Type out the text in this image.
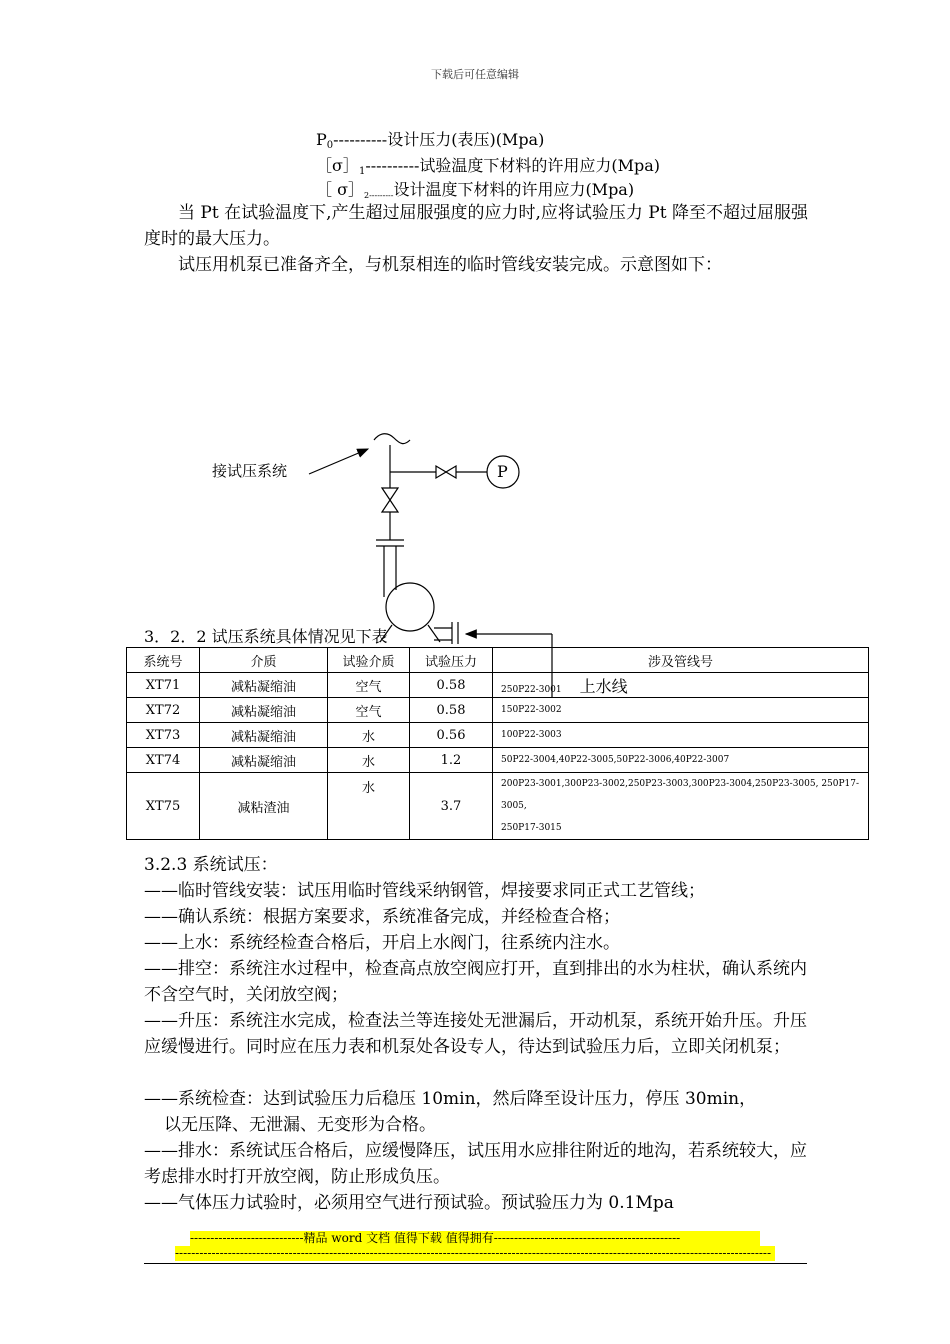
下载后可任意编辑
$P_0----------$设计压力(表压)(Mpa)
$[\sigma]_1----------$试验温度下材料的许用应力(Mpa)
［ $\sigma]_{2---------}$设计温度下材料的许用应力(Mpa)
当 Pt 在试验温度下,产生超过屈服强度的应力时,应将试验压力 Pt 降至不超过屈服强度时的最大压力。
试压用机泵已准备齐全，与机泵相连的临时管线安装完成。示意图如下：
接试压系统	P
3．2．2 试压系统具体情况见下表
系统号	介质	试验介质	试验压力	涉及管线号
XT71	减粘凝缩油	空气	0.58	250P22-3001 上水线
XT72	减粘凝缩油	空气	0.58	150P22-3002
XT73	减粘凝缩油	水	0.56	100P22-3003
XT74	减粘凝缩油	水	1.2	50P22-3004,40P22-3005,50P22-3006,40P22-3007
XT75	减粘渣油	水	3.7	200P23-3001,300P23-3002,250P23-3003,300P23-3004,250P23-3005, 250P17-3005,
250P17-3015
3.2.3 系统试压：
——临时管线安装：试压用临时管线采纳钢管，焊接要求同正式工艺管线；
——确认系统：根据方案要求，系统准备完成，并经检查合格；
——上水：系统经检查合格后，开启上水阀门，往系统内注水。
——排空：系统注水过程中，检查高点放空阀应打开，直到排出的水为柱状，确认系统内不含空气时，关闭放空阀；
——升压：系统注水完成，检查法兰等连接处无泄漏后，开动机泵，系统开始升压。升压应缓慢进行。同时应在压力表和机泵处各设专人，待达到试验压力后，立即关闭机泵；
——系统检查：达到试验压力后稳压 10min，然后降至设计压力，停压 30min，
以无压降、无泄漏、无变形为合格。
——排水：系统试压合格后，应缓慢降压，试压用水应排往附近的地沟，若系统较大，应考虑排水时打开放空阀，防止形成负压。
——气体压力试验时，必须用空气进行预试验。预试验压力为 0.1Mpa
----------------------------精品 word 文档 值得下载 值得拥有----------------------------------------------
---------------------------------------------------------------------------------------------------------------------------------------------------
